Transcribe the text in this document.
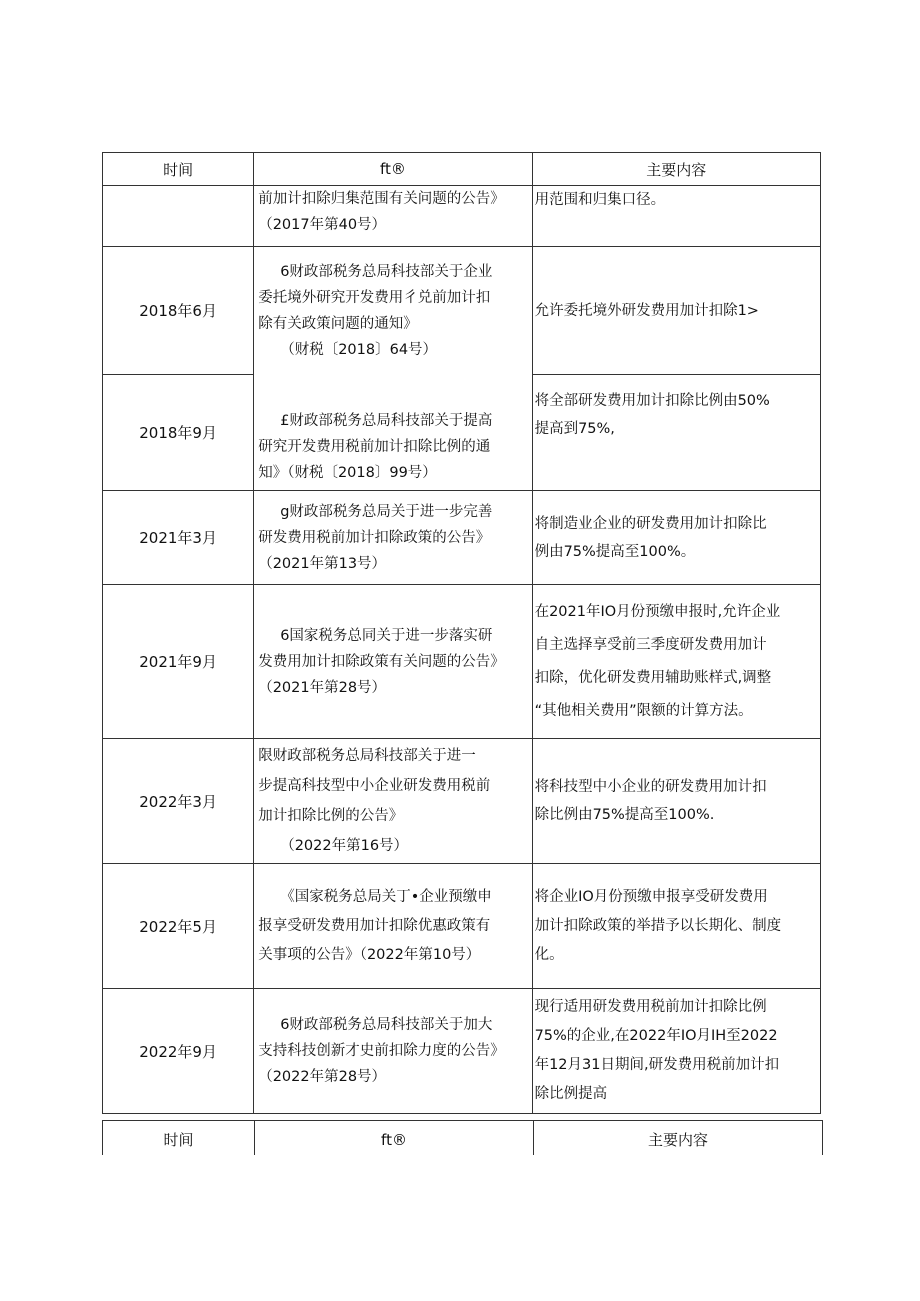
时间	ft®	主要内容

	前加计扣除归集范围有关问题的公告》
（2017年第40号）	用范围和归集口径。

2018年6月	6财政部税务总局科技部关于企业
委托境外研究开发费用彳兑前加计扣
除有关政策问题的通知》
（财税〔2018〕64号）	允许委托境外研发费用加计扣除1>

2018年9月	£财政部税务总局科技部关于提高
研究开发费用税前加计扣除比例的通
知》（财税〔2018〕99号）	将全部研发费用加计扣除比例由50%
提高到75%,

2021年3月	g财政部税务总局关于进一步完善
研发费用税前加计扣除政策的公告》
（2021年第13号）	将制造业企业的研发费用加计扣除比
例由75%提高至100%。

2021年9月	6国家税务总同关于进一步落实研
发费用加计扣除政策有关问题的公告》
（2021年第28号）	在2021年IO月份预缴申报时,允许企业
自主选择享受前三季度研发费用加计
扣除，优化研发费用辅助账样式,调整
“其他相关费用”限额的计算方法。

2022年3月	限财政部税务总局科技部关于进一
步提高科技型中小企业研发费用税前
加计扣除比例的公告》
（2022年第16号）	将科技型中小企业的研发费用加计扣
除比例由75%提高至100%.

2022年5月	《国家税务总局关丁•企业预缴申
报享受研发费用加计扣除优惠政策有
关事项的公告》（2022年第10号）	将企业IO月份预缴申报享受研发费用
加计扣除政策的举措予以长期化、制度
化。

2022年9月	6财政部税务总局科技部关于加大
支持科技创新才史前扣除力度的公告》
（2022年第28号）	现行适用研发费用税前加计扣除比例
75%的企业,在2022年IO月IH至2022
年12月31日期间,研发费用税前加计扣
除比例提高
时间	ft®	主要内容
